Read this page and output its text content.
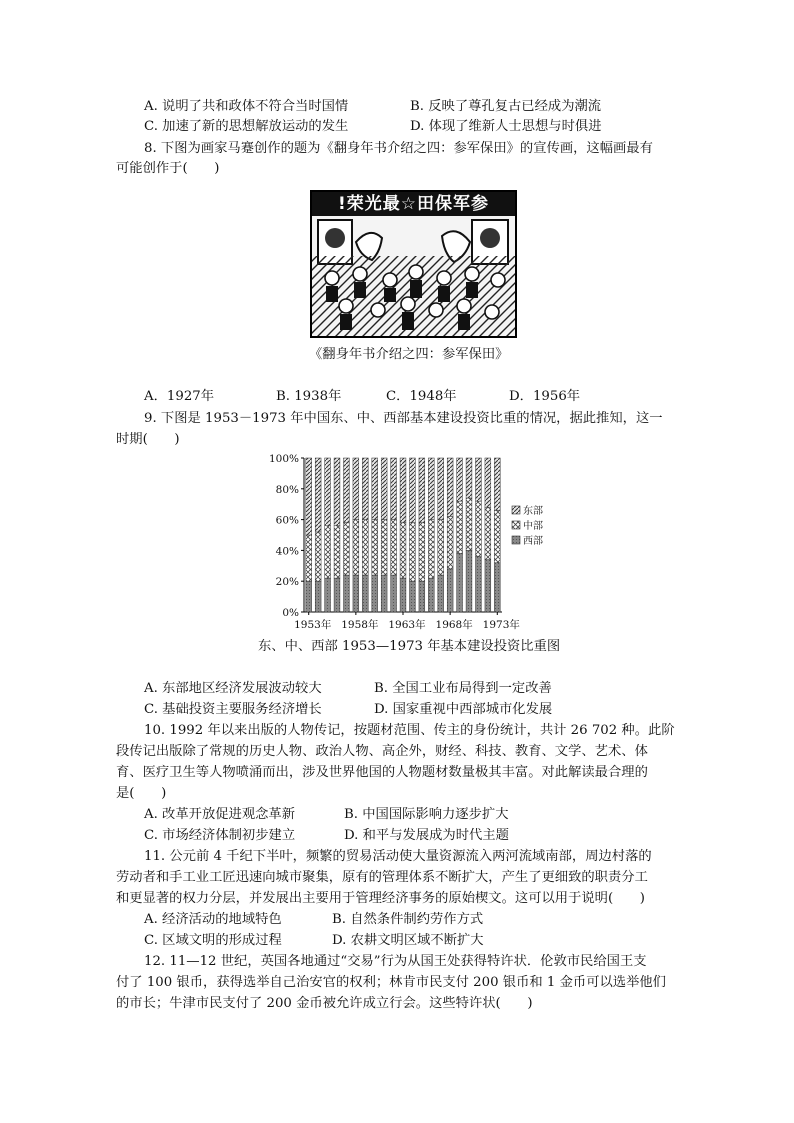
A. 说明了共和政体不符合当时国情	B. 反映了尊孔复古已经成为潮流
C. 加速了新的思想解放运动的发生	D. 体现了维新人士思想与时俱进
8. 下图为画家马蹇创作的题为《翻身年书介绍之四：参军保田》的宣传画，这幅画最有
可能创作于(　　)
!荣光最☆田保军参
《翻身年书介绍之四：参军保田》
A．1927年	B. 1938年	C．1948年	D．1956年
9. 下图是 1953－1973 年中国东、中、西部基本建设投资比重的情况，据此推知，这一
时期(　　)
1953年 1958年 1963年 1968年 1973年
0%
20%
40%
60%
80%
100%
东部
中部
西部
东、中、西部 1953—1973 年基本建设投资比重图
A. 东部地区经济发展波动较大	B. 全国工业布局得到一定改善
C. 基础投资主要服务经济增长	D. 国家重视中西部城市化发展
10. 1992 年以来出版的人物传记，按题材范围、传主的身份统计，共计 26 702 种。此阶
段传记出版除了常规的历史人物、政治人物、高企外，财经、科技、教育、文学、艺术、体
育、医疗卫生等人物喷涌而出，涉及世界他国的人物题材数量极其丰富。对此解读最合理的
是(　　)
A. 改革开放促进观念革新	B. 中国国际影响力逐步扩大
C. 市场经济体制初步建立	D. 和平与发展成为时代主题
11. 公元前 4 千纪下半叶，频繁的贸易活动使大量资源流入两河流域南部，周边村落的
劳动者和手工业工匠迅速向城市聚集，原有的管理体系不断扩大，产生了更细致的职责分工
和更显著的权力分层，并发展出主要用于管理经济事务的原始楔文。这可以用于说明(　　)
A. 经济活动的地域特色	B. 自然条件制约劳作方式
C. 区域文明的形成过程	D. 农耕文明区域不断扩大
12. 11—12 世纪，英国各地通过“交易”行为从国王处获得特许状．伦敦市民给国王支
付了 100 银币，获得选举自己治安官的权利；林肯市民支付 200 银币和 1 金币可以选举他们
的市长；牛津市民支付了 200 金币被允许成立行会。这些特许状(　　)
